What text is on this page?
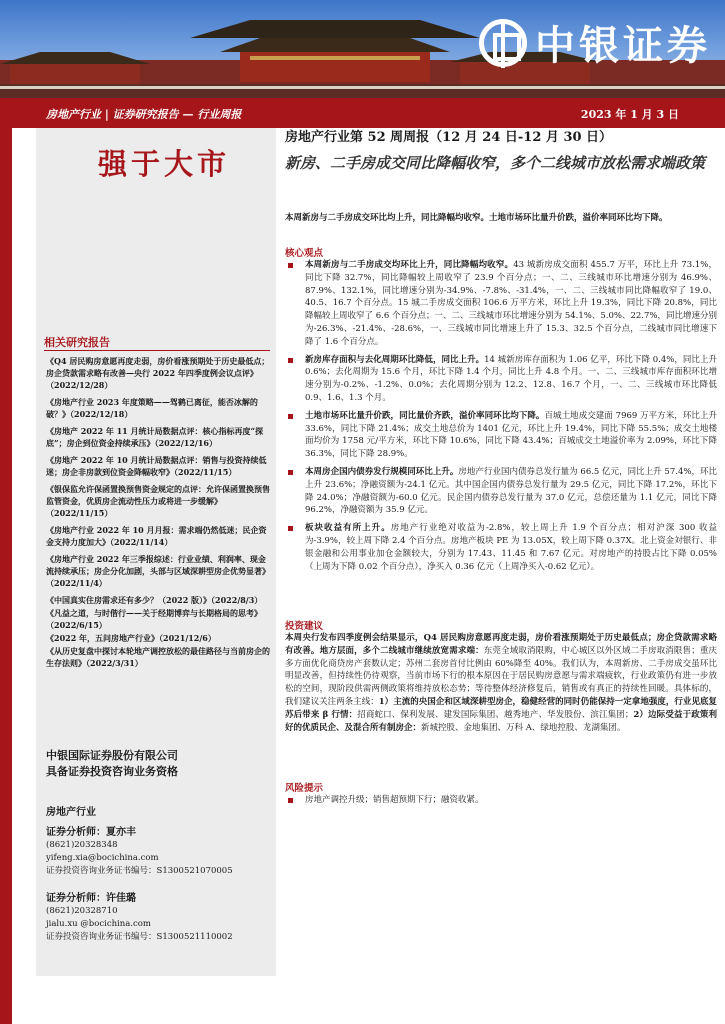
中银证券
房地产行业 | 证券研究报告 — 行业周报	2023 年 1 月 3 日
强于大市
相关研究报告

《Q4 居民购房意愿再度走弱，房价看涨预期处于历史最低点；房企贷款需求略有改善—央行 2022 年四季度例会议点评》（2022/12/28）

《房地产行业 2023 年度策略——驾鹤已离征，能否冰解的破？》（2022/12/18）

《房地产 2022 年 11 月统计局数据点评：核心指标再度“探底”；房企到位资金持续承压》（2022/12/16）

《房地产 2022 年 10 月统计局数据点评：销售与投资持续低迷；房企非房款到位资金降幅收窄》（2022/11/15）

《银保监允许保函置换预售资金规定的点评：允许保函置换预售监管资金，优质房企流动性压力或将进一步缓解》（2022/11/15）

《房地产行业 2022 年 10 月月报：需求端仍然低迷；民企资金支持力度加大》（2022/11/14）

《房地产行业 2022 年三季报综述：行业业绩、利润率、现金流持续承压；房企分化加剧，头部与区域深耕型房企优势显著》（2022/11/4）

《中国真实住房需求还有多少？（2022 版）》（2022/8/3）

《凡益之道，与时偕行——关于经期博弈与长期格局的思考》（2022/6/15）

《2022 年，五问房地产行业》（2021/12/6）

《从历史复盘中探讨本轮地产调控放松的最佳路径与当前房企的生存法则》（2022/3/31）

中银国际证券股份有限公司
具备证券投资咨询业务资格
房地产行业
证券分析师：夏亦丰
(8621)20328348
yifeng.xia@bocichina.com
证券投资咨询业务证书编号：S1300521070005
证券分析师：许佳璐
(8621)20328710
jialu.xu @bocichina.com
证券投资咨询业务证书编号：S1300521110002
房地产行业第 52 周周报（12 月 24 日-12 月 30 日）
新房、二手房成交同比降幅收窄，多个二线城市放松需求端政策
本周新房与二手房成交环比均上升，同比降幅均收窄。土地市场环比量升价跌，溢价率同环比均下降。
核心观点
本周新房与二手房成交均环比上升，同比降幅均收窄。43 城新房成交面积 455.7 万平，环比上升 73.1%，同比下降 32.7%，同比降幅较上周收窄了 23.9 个百分点；一、二、三线城市环比增速分别为 46.9%、87.9%、132.1%，同比增速分别为-34.9%、-7.8%、-31.4%，一、二、三线城市同比降幅收窄了 19.0、40.5、16.7 个百分点。15 城二手房成交面积 106.6 万平方米，环比上升 19.3%，同比下降 20.8%，同比降幅较上周收窄了 6.6 个百分点；一、二、三线城市环比增速分别为 54.1%、5.0%、22.7%，同比增速分别为-26.3%、-21.4%、-28.6%，一、三线城市同比增速上升了 15.3、32.5 个百分点，二线城市同比增速下降了 1.6 个百分点。
新房库存面积与去化周期环比降低，同比上升。14 城新房库存面积为 1.06 亿平，环比下降 0.4%，同比上升 0.6%；去化周期为 15.6 个月，环比下降 1.4 个月，同比上升 4.8 个月。一、二、三线城市库存面积环比增速分别为-0.2%、-1.2%、0.0%；去化周期分别为 12.2、12.8、16.7 个月，一、二、三线城市环比降低 0.9、1.6、1.3 个月。
土地市场环比量升价跌，同比量价齐跌，溢价率同环比均下降。百城土地成交建面 7969 万平方米，环比上升 33.6%，同比下降 21.4%；成交土地总价为 1401 亿元，环比上升 19.4%，同比下降 55.5%；成交土地楼面均价为 1758 元/平方米，环比下降 10.6%，同比下降 43.4%；百城成交土地溢价率为 2.09%，环比下降 36.3%，同比下降 28.9%。
本周房企国内债券发行规模同环比上升。房地产行业国内债券总发行量为 66.5 亿元，同比上升 57.4%，环比上升 23.6%；净融资额为-24.1 亿元。其中国企国内债券总发行量为 29.5 亿元，同比下降 17.2%，环比下降 24.0%；净融资额为-60.0 亿元。民企国内债券总发行量为 37.0 亿元，总偿还量为 1.1 亿元，同比下降 96.2%，净融资额为 35.9 亿元。
板块收益有所上升。房地产行业绝对收益为-2.8%，较上周上升 1.9 个百分点；相对沪深 300 收益为-3.9%，较上周下降 2.4 个百分点。房地产板块 PE 为 13.05X，较上周下降 0.37X。北上资金対银行、非银金融和公用事业加仓金额较大，分别为 17.43、11.45 和 7.67 亿元。对房地产的持股占比下降 0.05%（上周为下降 0.02 个百分点），净买入 0.36 亿元（上周净买入-0.62 亿元）。
投资建议
本周央行发布四季度例会结果显示，Q4 居民购房意愿再度走弱，房价看涨预期处于历史最低点；房企贷款需求略有改善。地方层面，多个二线城市继续放宽需求端：东莞全域取消限购，中心城区以外区域二手房取消限售；重庆多方面优化商贷房产套数认定；苏州二套房首付比例由 60%降至 40%。我们认为，本周新房、二手房成交虽环比明显改善，但持续性仍待观察，当前市场下行的根本原因在于居民购房意愿与需求端疲软，行业政策仍有进一步放松的空间，现阶段供需两侧政策将维持放松态势；等待整体经济修复后，销售或有真正的持续性回暖。具体标的，我们建议关注两条主线：1）主流的央国企和区域深耕型房企，稳健经营的同时仍能保持一定拿地强度，行业见底复苏后带来 β 行情：招商蛇口、保利发展、建发国际集团、越秀地产、华发股份、滨江集团；2）边际受益于政策利好的优质民企、及混合所有制房企：新城控股、金地集团、万科 A、绿地控股、龙湖集团。
风险提示
房地产调控升级；销售超预期下行；融资收紧。
